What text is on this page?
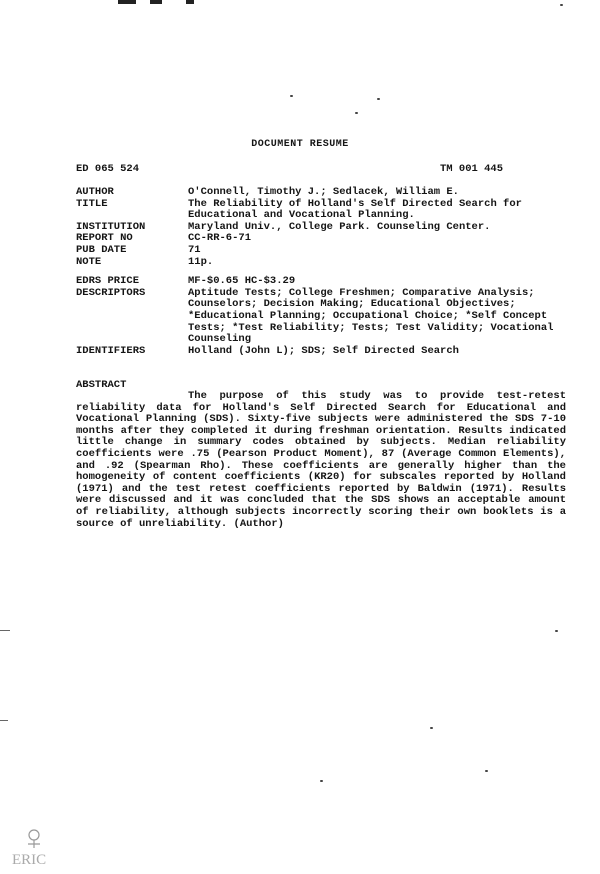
DOCUMENT RESUME
ED 065 524	TM 001 445
AUTHOR	O'Connell, Timothy J.; Sedlacek, William E.
TITLE	The Reliability of Holland's Self Directed Search for Educational and Vocational Planning.
INSTITUTION	Maryland Univ., College Park. Counseling Center.
REPORT NO	CC-RR-6-71
PUB DATE	71
NOTE	11p.
EDRS PRICE	MF-$0.65 HC-$3.29
DESCRIPTORS	Aptitude Tests; College Freshmen; Comparative Analysis; Counselors; Decision Making; Educational Objectives; *Educational Planning; Occupational Choice; *Self Concept Tests; *Test Reliability; Tests; Test Validity; Vocational Counseling
IDENTIFIERS	Holland (John L); SDS; Self Directed Search
ABSTRACT

The purpose of this study was to provide test-retest reliability data for Holland's Self Directed Search for Educational and Vocational Planning (SDS). Sixty-five subjects were administered the SDS 7-10 months after they completed it during freshman orientation. Results indicated little change in summary codes obtained by subjects. Median reliability coefficients were .75 (Pearson Product Moment), 87 (Average Common Elements), and .92 (Spearman Rho). These coefficients are generally higher than the homogeneity of content coefficients (KR20) for subscales reported by Holland (1971) and the test retest coefficients reported by Baldwin (1971). Results were discussed and it was concluded that the SDS shows an acceptable amount of reliability, although subjects incorrectly scoring their own booklets is a source of unreliability. (Author)

ERIC
